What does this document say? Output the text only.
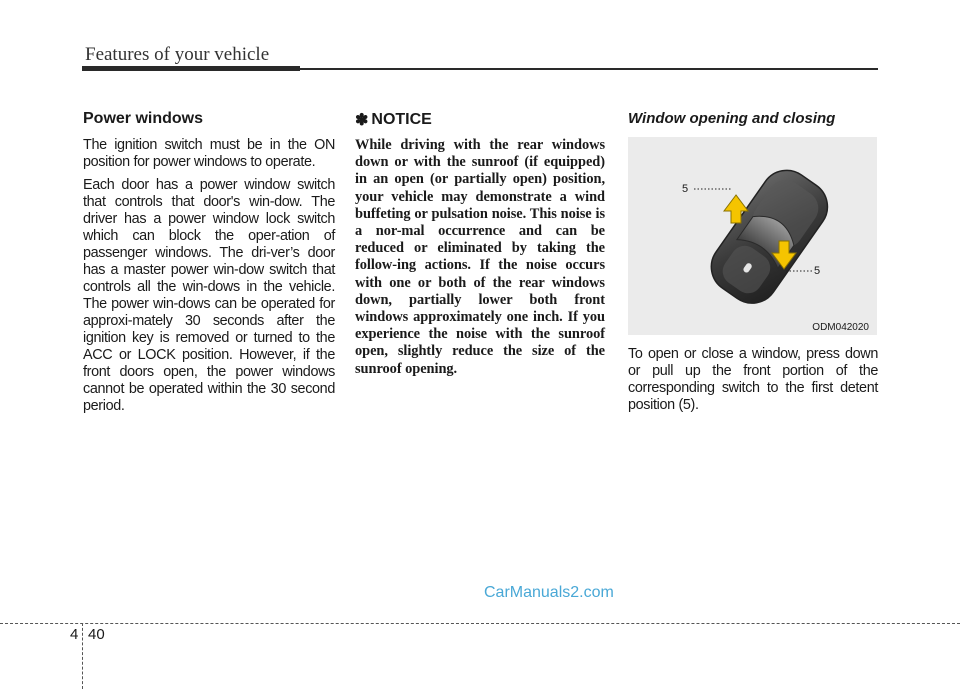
Features of your vehicle
Power windows

The ignition switch must be in the ON position for power windows to operate.

Each door has a power window switch that controls that door's win-dow. The driver has a power window lock switch which can block the oper-ation of passenger windows. The dri-ver’s door has a master power win-dow switch that controls all the win-dows in the vehicle. The power win-dows can be operated for approxi-mately 30 seconds after the ignition key is removed or turned to the ACC or LOCK position. However, if the front doors open, the power windows cannot be operated within the 30 second period.

✽ NOTICE

While driving with the rear windows down or with the sunroof (if equipped) in an open (or partially open) position, your vehicle may demonstrate a wind buffeting or pulsation noise. This noise is a nor-mal occurrence and can be reduced or eliminated by taking the follow-ing actions. If the noise occurs with one or both of the rear windows down, partially lower both front windows approximately one inch. If you experience the noise with the sunroof open, slightly reduce the size of the sunroof opening.

Window opening and closing
5
5
ODM042020

To open or close a window, press down or pull up the front portion of the corresponding switch to the first detent position (5).

CarManuals2.com
4 40
